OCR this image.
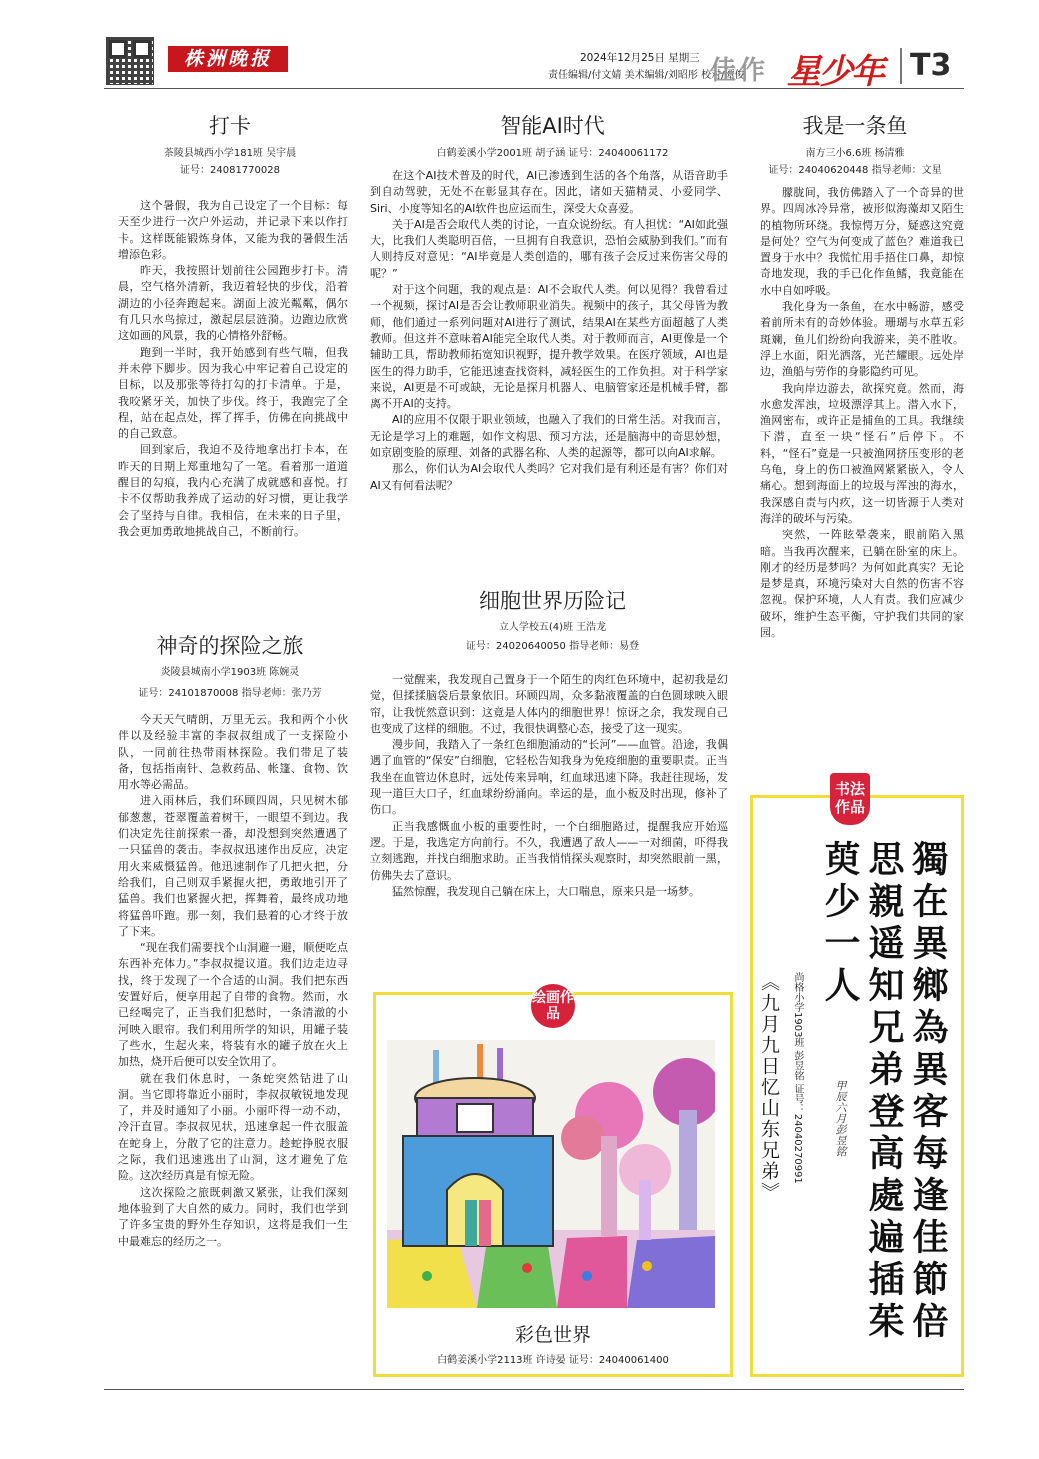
株洲晚报	2024年12月25日 星期三
责任编辑/付文婧 美术编辑/刘昭彤 校对/谭俊
佳作 星少年 T3
打卡
茶陵县城西小学181班 吴宇晨
证号：24081770028

这个暑假，我为自己设定了一个目标：每天至少进行一次户外运动，并记录下来以作打卡。这样既能锻炼身体，又能为我的暑假生活增添色彩。

昨天，我按照计划前往公园跑步打卡。清晨，空气格外清新，我迈着轻快的步伐，沿着湖边的小径奔跑起来。湖面上波光粼粼，偶尔有几只水鸟掠过，激起层层涟漪。边跑边欣赏这如画的风景，我的心情格外舒畅。

跑到一半时，我开始感到有些气喘，但我并未停下脚步。因为我心中牢记着自己设定的目标，以及那张等待打勾的打卡清单。于是，我咬紧牙关，加快了步伐。终于，我跑完了全程，站在起点处，挥了挥手，仿佛在向挑战中的自己致意。

回到家后，我迫不及待地拿出打卡本，在昨天的日期上郑重地勾了一笔。看着那一道道醒目的勾痕，我内心充满了成就感和喜悦。打卡不仅帮助我养成了运动的好习惯，更让我学会了坚持与自律。我相信，在未来的日子里，我会更加勇敢地挑战自己，不断前行。

神奇的探险之旅
炎陵县城南小学1903班 陈婉灵
证号：24101870008 指导老师：张乃芳

今天天气晴朗，万里无云。我和两个小伙伴以及经验丰富的李叔叔组成了一支探险小队，一同前往热带雨林探险。我们带足了装备，包括指南针、急救药品、帐篷、食物、饮用水等必需品。

进入雨林后，我们环顾四周，只见树木郁郁葱葱，苍翠覆盖着树干，一眼望不到边。我们决定先往前探索一番，却没想到突然遭遇了一只猛兽的袭击。李叔叔迅速作出反应，决定用火来威慑猛兽。他迅速制作了几把火把，分给我们，自己则双手紧握火把，勇敢地引开了猛兽。我们也紧握火把，挥舞着，最终成功地将猛兽吓跑。那一刻，我们悬着的心才终于放了下来。

“现在我们需要找个山洞避一避，顺便吃点东西补充体力。”李叔叔提议道。我们边走边寻找，终于发现了一个合适的山洞。我们把东西安置好后，便享用起了自带的食物。然而，水已经喝完了，正当我们犯愁时，一条清澈的小河映入眼帘。我们利用所学的知识，用罐子装了些水，生起火来，将装有水的罐子放在火上加热，烧开后便可以安全饮用了。

就在我们休息时，一条蛇突然钻进了山洞。当它即将靠近小丽时，李叔叔敏锐地发现了，并及时通知了小丽。小丽吓得一动不动，冷汗直冒。李叔叔见状，迅速拿起一件衣服盖在蛇身上，分散了它的注意力。趁蛇挣脱衣服之际，我们迅速逃出了山洞，这才避免了危险。这次经历真是有惊无险。

这次探险之旅既刺激又紧张，让我们深刻地体验到了大自然的威力。同时，我们也学到了许多宝贵的野外生存知识，这将是我们一生中最难忘的经历之一。

智能AI时代
白鹤姜溪小学2001班 胡子涵 证号：24040061172

在这个AI技术普及的时代，AI已渗透到生活的各个角落，从语音助手到自动驾驶，无处不在彰显其存在。因此，诸如天猫精灵、小爱同学、Siri、小度等知名的AI软件也应运而生，深受大众喜爱。

关于AI是否会取代人类的讨论，一直众说纷纭。有人担忧：“AI如此强大，比我们人类聪明百倍，一旦拥有自我意识，恐怕会威胁到我们。”而有人则持反对意见：“AI毕竟是人类创造的，哪有孩子会反过来伤害父母的呢？”

对于这个问题，我的观点是：AI不会取代人类。何以见得？我曾看过一个视频，探讨AI是否会让教师职业消失。视频中的孩子，其父母皆为教师，他们通过一系列问题对AI进行了测试，结果AI在某些方面超越了人类教师。但这并不意味着AI能完全取代人类。对于教师而言，AI更像是一个辅助工具，帮助教师拓宽知识视野，提升教学效果。在医疗领域，AI也是医生的得力助手，它能迅速查找资料，减轻医生的工作负担。对于科学家来说，AI更是不可或缺，无论是探月机器人、电脑管家还是机械手臂，都离不开AI的支持。

AI的应用不仅限于职业领域，也融入了我们的日常生活。对我而言，无论是学习上的难题，如作文构思、预习方法，还是脑海中的奇思妙想，如京剧变脸的原理、刘备的武器名称、人类的起源等，都可以向AI求解。

那么，你们认为AI会取代人类吗？它对我们是有利还是有害？你们对AI又有何看法呢？

细胞世界历险记
立人学校五(4)班 王浩龙
证号：24020640050 指导老师：易登

一觉醒来，我发现自己置身于一个陌生的肉红色环境中，起初我是幻觉，但揉揉脑袋后景象依旧。环顾四周，众多黏液覆盖的白色圆球映入眼帘，让我恍然意识到：这竟是人体内的细胞世界！惊讶之余，我发现自己也变成了这样的细胞。不过，我很快调整心态，接受了这一现实。

漫步间，我踏入了一条红色细胞涌动的“长河”——血管。沿途，我偶遇了血管的“保安”白细胞，它轻松告知我身为免疫细胞的重要职责。正当我坐在血管边休息时，远处传来异响，红血球迅速下降。我赶往现场，发现一道巨大口子，红血球纷纷涌向。幸运的是，血小板及时出现，修补了伤口。

正当我感慨血小板的重要性时，一个白细胞路过，提醒我应开始巡逻。于是，我选定方向前行。不久，我遭遇了敌人——一对细菌，吓得我立刻逃跑，并找白细胞求助。正当我悄悄探头观察时，却突然眼前一黑，仿佛失去了意识。

猛然惊醒，我发现自己躺在床上，大口喘息，原来只是一场梦。

绘画作品
彩色世界
白鹤姜溪小学2113班 许诗晏 证号：24040061400
我是一条鱼
南方三小6.6班 杨清雅
证号：24040620448 指导老师：文星

朦胧间，我仿佛踏入了一个奇异的世界。四周冰冷异常，被形似海藻却又陌生的植物所环绕。我惊愕万分，疑惑这究竟是何处？空气为何变成了蓝色？难道我已置身于水中？我慌忙用手捂住口鼻，却惊奇地发现，我的手已化作鱼鳍，我竟能在水中自如呼吸。

我化身为一条鱼，在水中畅游，感受着前所未有的奇妙体验。珊瑚与水草五彩斑斓，鱼儿们纷纷向我游来，美不胜收。浮上水面，阳光洒落，光芒耀眼。远处岸边，渔船与劳作的身影隐约可见。

我向岸边游去，欲探究竟。然而，海水愈发浑浊，垃圾漂浮其上。潜入水下，渔网密布，或许正是捕鱼的工具。我继续下潜，直至一块“怪石”后停下。不料，“怪石”竟是一只被渔网挤压变形的老乌龟，身上的伤口被渔网紧紧嵌入，令人痛心。想到海面上的垃圾与浑浊的海水，我深感自责与内疚，这一切皆源于人类对海洋的破坏与污染。

突然，一阵眩晕袭来，眼前陷入黑暗。当我再次醒来，已躺在卧室的床上。刚才的经历是梦吗？为何如此真实？无论是梦是真，环境污染对大自然的伤害不容忽视。保护环境，人人有责。我们应减少破坏，维护生态平衡，守护我们共同的家园。

书法作品
獨在異鄉為異客每逢佳節倍
思親遥知兄弟登高處遍插茱
萸少一人
《九月九日忆山东兄弟》	尚格小学1903班 彭昱铭 证号：24040270991	甲辰六月彭昱铭
